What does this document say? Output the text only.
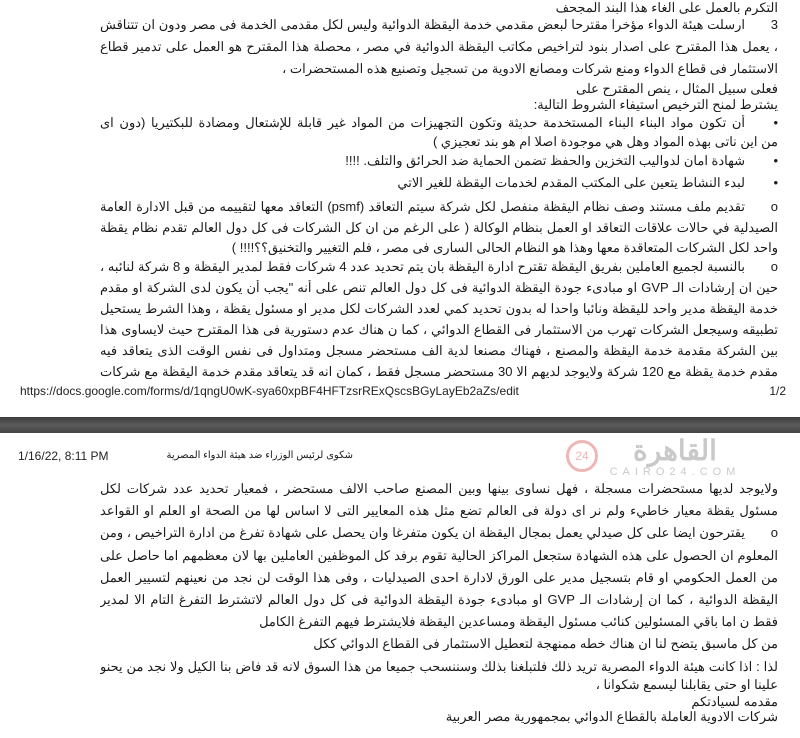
التكرم بالعمل على الغاء هذا البند المجحف
ارسلت هيئة الدواء مؤخرا مقترحا لبعض مقدمي خدمة اليقظة الدوائية وليس لكل مقدمى الخدمة فى مصر ودون ان تتناقش	3
، يعمل هذا المقترح على اصدار بنود لتراخيص مكاتب اليقظة الدوائية في مصر ، محصلة هذا المقترح هو العمل على تدمير قطاع
الاستثمار فى قطاع الدواء ومنع شركات ومصانع الادوية من تسجيل وتصنيع هذه المستحضرات ،
فعلى سبيل المثال ، ينص المقترح على
يشترط لمنح الترخيص استيفاء الشروط التالية:
أن تكون مواد البناء البناء المستخدمة حديثة وتكون التجهيزات من المواد غير قابلة للإشتعال ومضادة للبكتيريا (دون اى	•
من اين ناتى بهذه المواد وهل هي موجودة اصلا ام هو بند تعجيزي )
شهادة امان لدواليب التخزين والحفظ تضمن الحماية ضد الحرائق والتلف. !!!!	•
لبدء النشاط يتعين على المكتب المقدم لخدمات اليقظة للغير الاتي	•
تقديم ملف مستند وصف نظام اليقظة منفصل لكل شركة سيتم التعاقد (psmf) التعاقد معها لتقييمه من قبل الادارة العامة	o
الصيدلية في حالات علاقات التعاقد او العمل بنظام الوكالة ( على الرغم من ان كل الشركات فى كل دول العالم تقدم نظام يقظة
واحد لكل الشركات المتعاقدة معها وهذا هو النظام الحالى السارى فى مصر ، فلم التغيير والتخنيق؟؟!!!! )
بالنسبة لجميع العاملين بفريق اليقظة تقترح ادارة اليقظة بان يتم تحديد عدد 4 شركات فقط لمدير اليقظة و 8 شركة لنائبه ،	o
حين ان إرشادات الـ GVP او مبادىء جودة اليقظة الدوائية فى كل دول العالم تنص على أنه "يجب أن يكون لدى الشركة او مقدم
خدمة اليقظة مدير واحد لليقظة ونائبا واحدا له بدون تحديد كمي لعدد الشركات لكل مدير او مسئول يقظة ، وهذا الشرط يستحيل
تطبيقه وسيجعل الشركات تهرب من الاستثمار فى القطاع الدوائي ، كما ن هناك عدم دستورية فى هذا المقترح حيث لايساوى هذا
بين الشركة مقدمة خدمة اليقظة والمصنع ، فهناك مصنعا لدية الف مستحضر مسجل ومتداول فى نفس الوقت الذى يتعاقد فيه
مقدم خدمة يقظة مع 120 شركة ولايوجد لديهم الا 30 مستحضر مسجل فقط ، كمان انه قد يتعاقد مقدم خدمة اليقظة مع شركات
https://docs.google.com/forms/d/1qngU0wK-sya60xpBF4HFTzsrRExQscsBGyLayEb2aZs/edit	1/2
1/16/22, 8:11 PM	شكوى لرئيس الوزراء ضد هيئة الدواء المصرية	24	القاهرة
CAIRO24.COM
ولايوجد لديها مستحضرات مسجلة ، فهل نساوى بينها وبين المصنع صاحب الالف مستحضر ، فمعيار تحديد عدد شركات لكل
مسئول يقظة معيار خاطيء ولم نر اى دولة فى العالم تضع مثل هذه المعايير التى لا اساس لها من الصحة او العلم او القواعد
يقترحون ايضا على كل صيدلي يعمل بمجال اليقظة ان يكون متفرغا وان يحصل على شهادة تفرغ من ادارة التراخيص ، ومن	o
المعلوم ان الحصول على هذه الشهادة ستجعل المراكز الحالية تقوم برفد كل الموظفين العاملين بها لان معظمهم اما حاصل على
من العمل الحكومي او قام بتسجيل مدير على الورق لادارة احدى الصيدليات ، وفى هذا الوقت لن نجد من نعينهم لتسيير العمل
اليقظة الدوائية ، كما ان إرشادات الـ GVP او مبادىء جودة اليقظة الدوائية فى كل دول العالم لاتشترط التفرغ التام الا لمدير
فقط ن اما باقي المسئولين كنائب مسئول اليقظة ومساعدين اليقظة فلايشترط فيهم التفرغ الكامل
من كل ماسبق يتضح لنا ان هناك خطه ممنهجة لتعطيل الاستثمار فى القطاع الدوائي ككل
لذا : اذا كانت هيئة الدواء المصرية تريد ذلك فلتبلغنا بذلك وسننسحب جميعا من هذا السوق لانه قد فاض بنا الكيل ولا نجد من يحنو
علينا او حتى يقابلنا ليسمع شكوانا ،
مقدمه لسيادتكم
شركات الادوية العاملة بالقطاع الدوائي بمجمهورية مصر العربية
